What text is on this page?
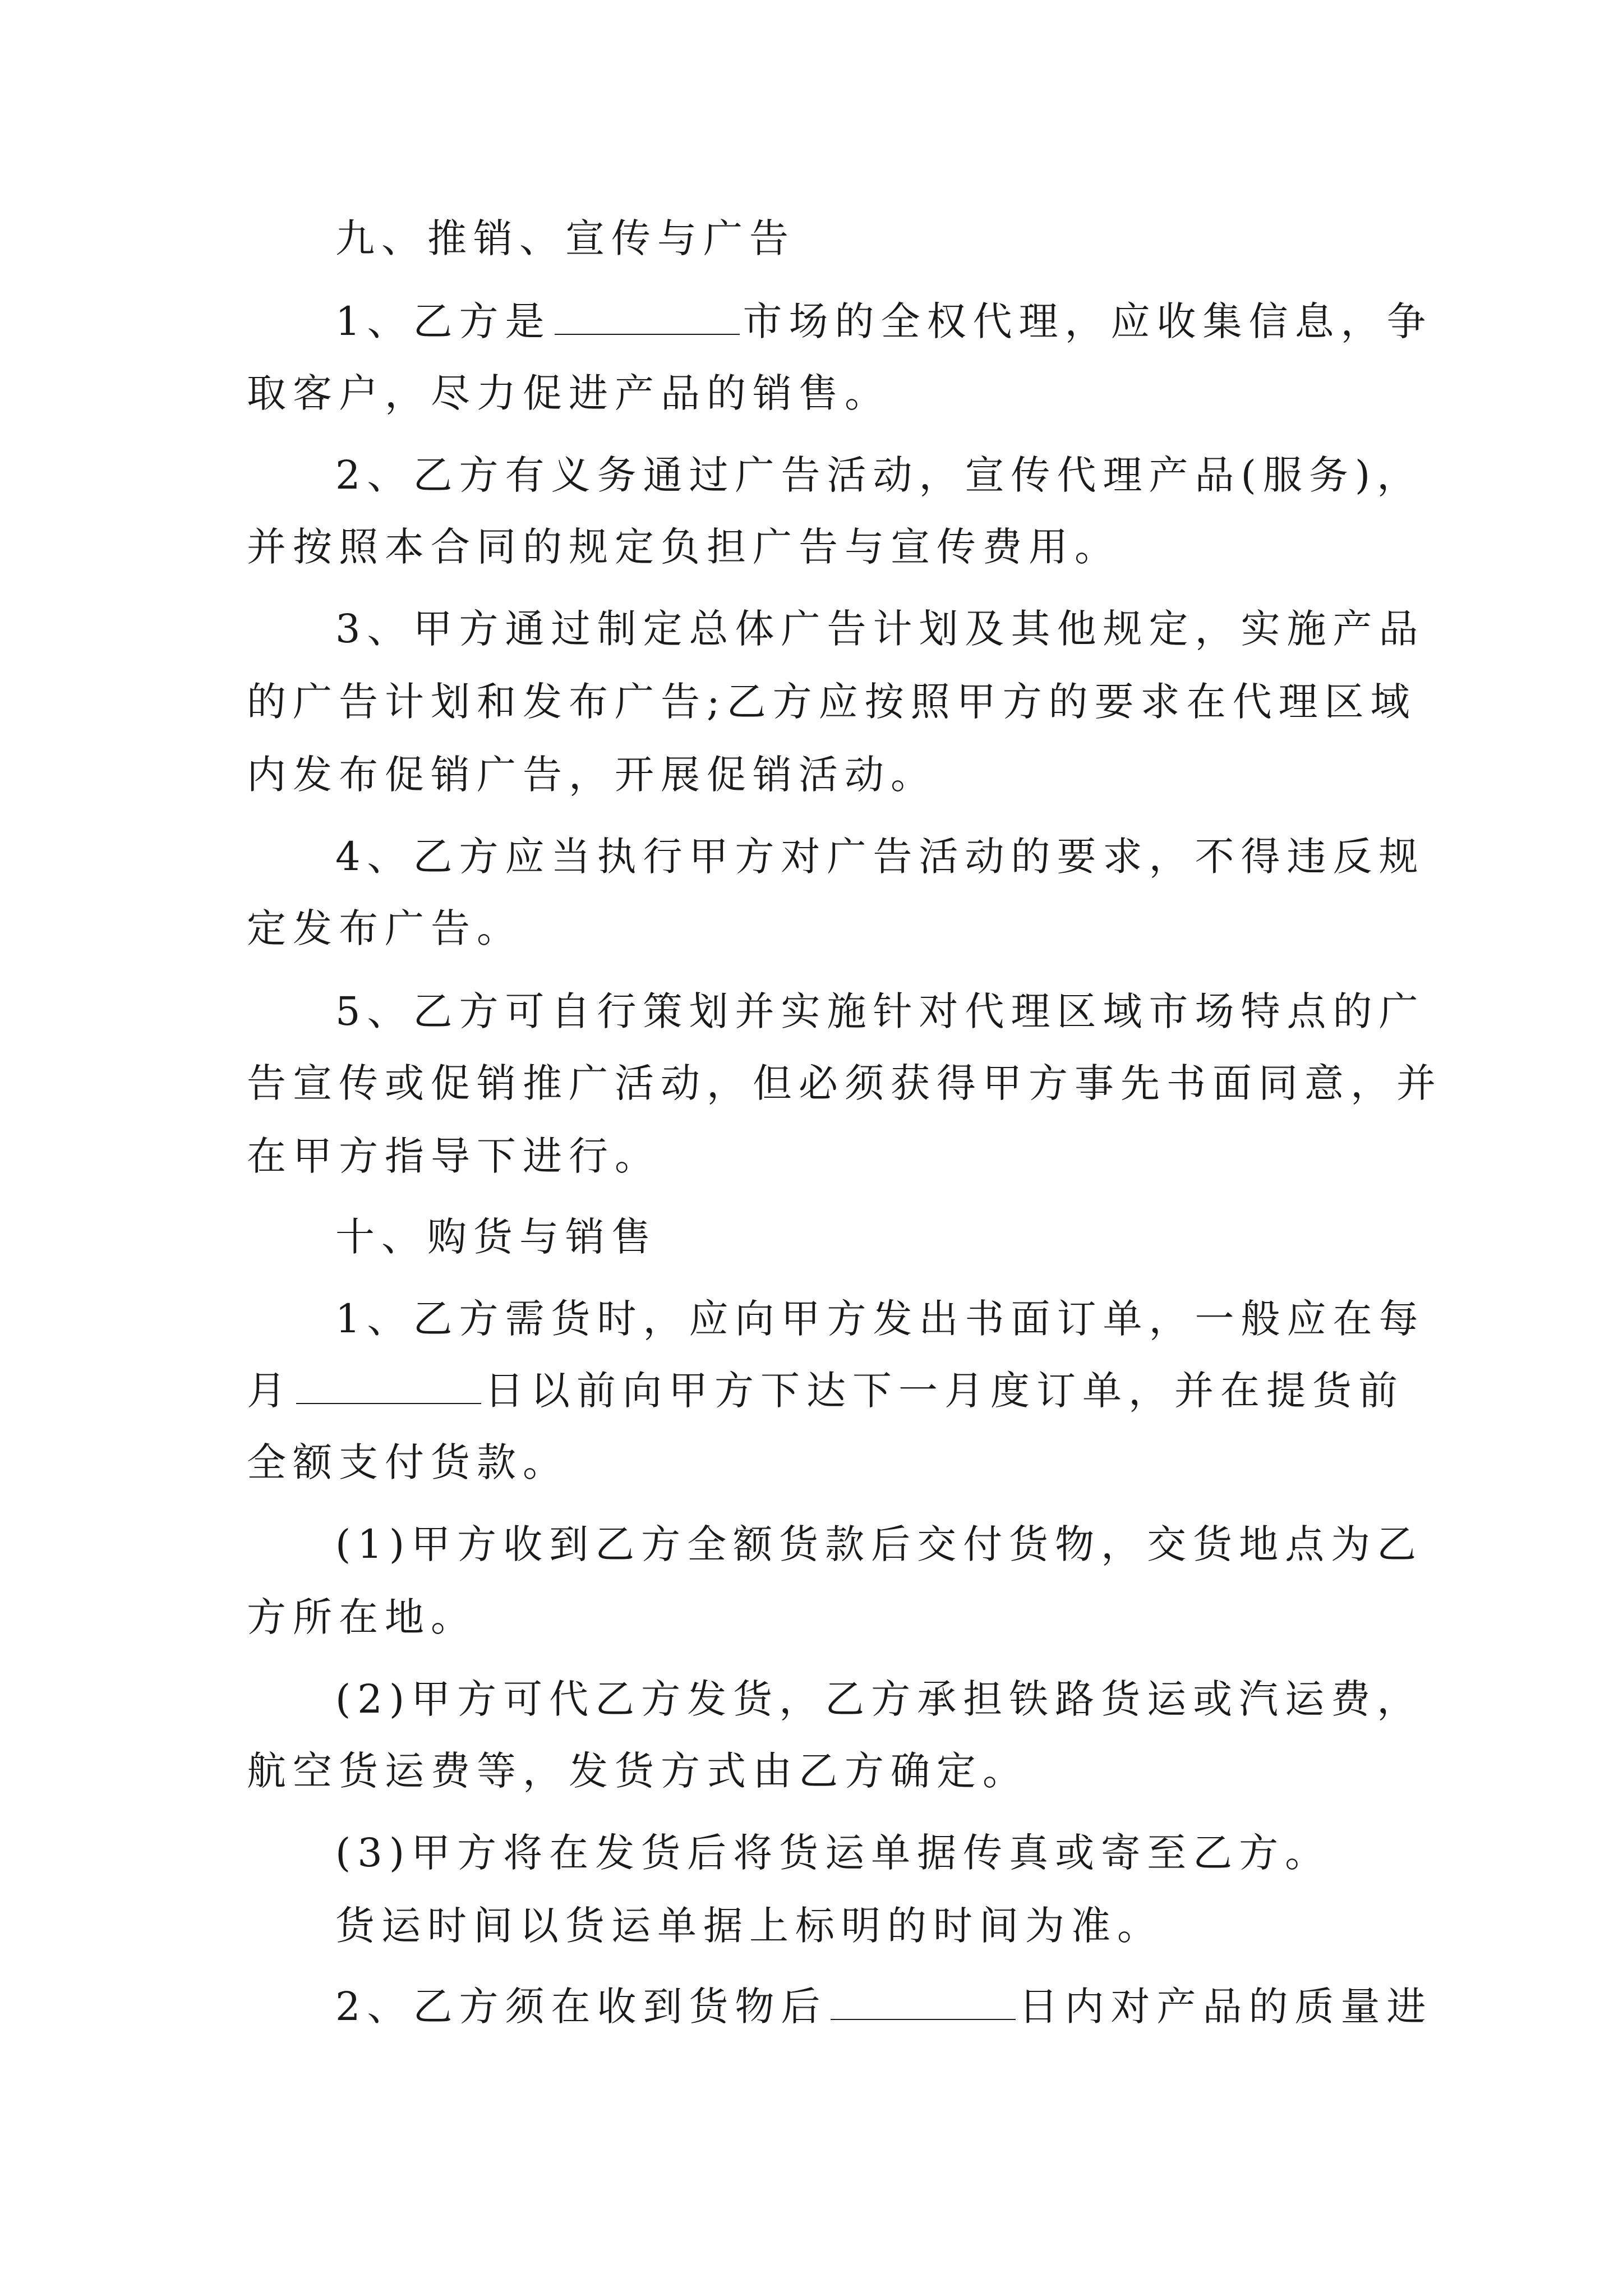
九、推销、宣传与广告
1、乙方是	市场的全权代理，应收集信息，争
取客户，尽力促进产品的销售。
2、乙方有义务通过广告活动，宣传代理产品(服务)，
并按照本合同的规定负担广告与宣传费用。
3、甲方通过制定总体广告计划及其他规定，实施产品
的广告计划和发布广告;乙方应按照甲方的要求在代理区域
内发布促销广告，开展促销活动。
4、乙方应当执行甲方对广告活动的要求，不得违反规
定发布广告。
5、乙方可自行策划并实施针对代理区域市场特点的广
告宣传或促销推广活动，但必须获得甲方事先书面同意，并
在甲方指导下进行。
十、购货与销售
1、乙方需货时，应向甲方发出书面订单，一般应在每
月	日以前向甲方下达下一月度订单，并在提货前
全额支付货款。
(1)甲方收到乙方全额货款后交付货物，交货地点为乙
方所在地。
(2)甲方可代乙方发货，乙方承担铁路货运或汽运费，
航空货运费等，发货方式由乙方确定。
(3)甲方将在发货后将货运单据传真或寄至乙方。
货运时间以货运单据上标明的时间为准。
2、乙方须在收到货物后	日内对产品的质量进
